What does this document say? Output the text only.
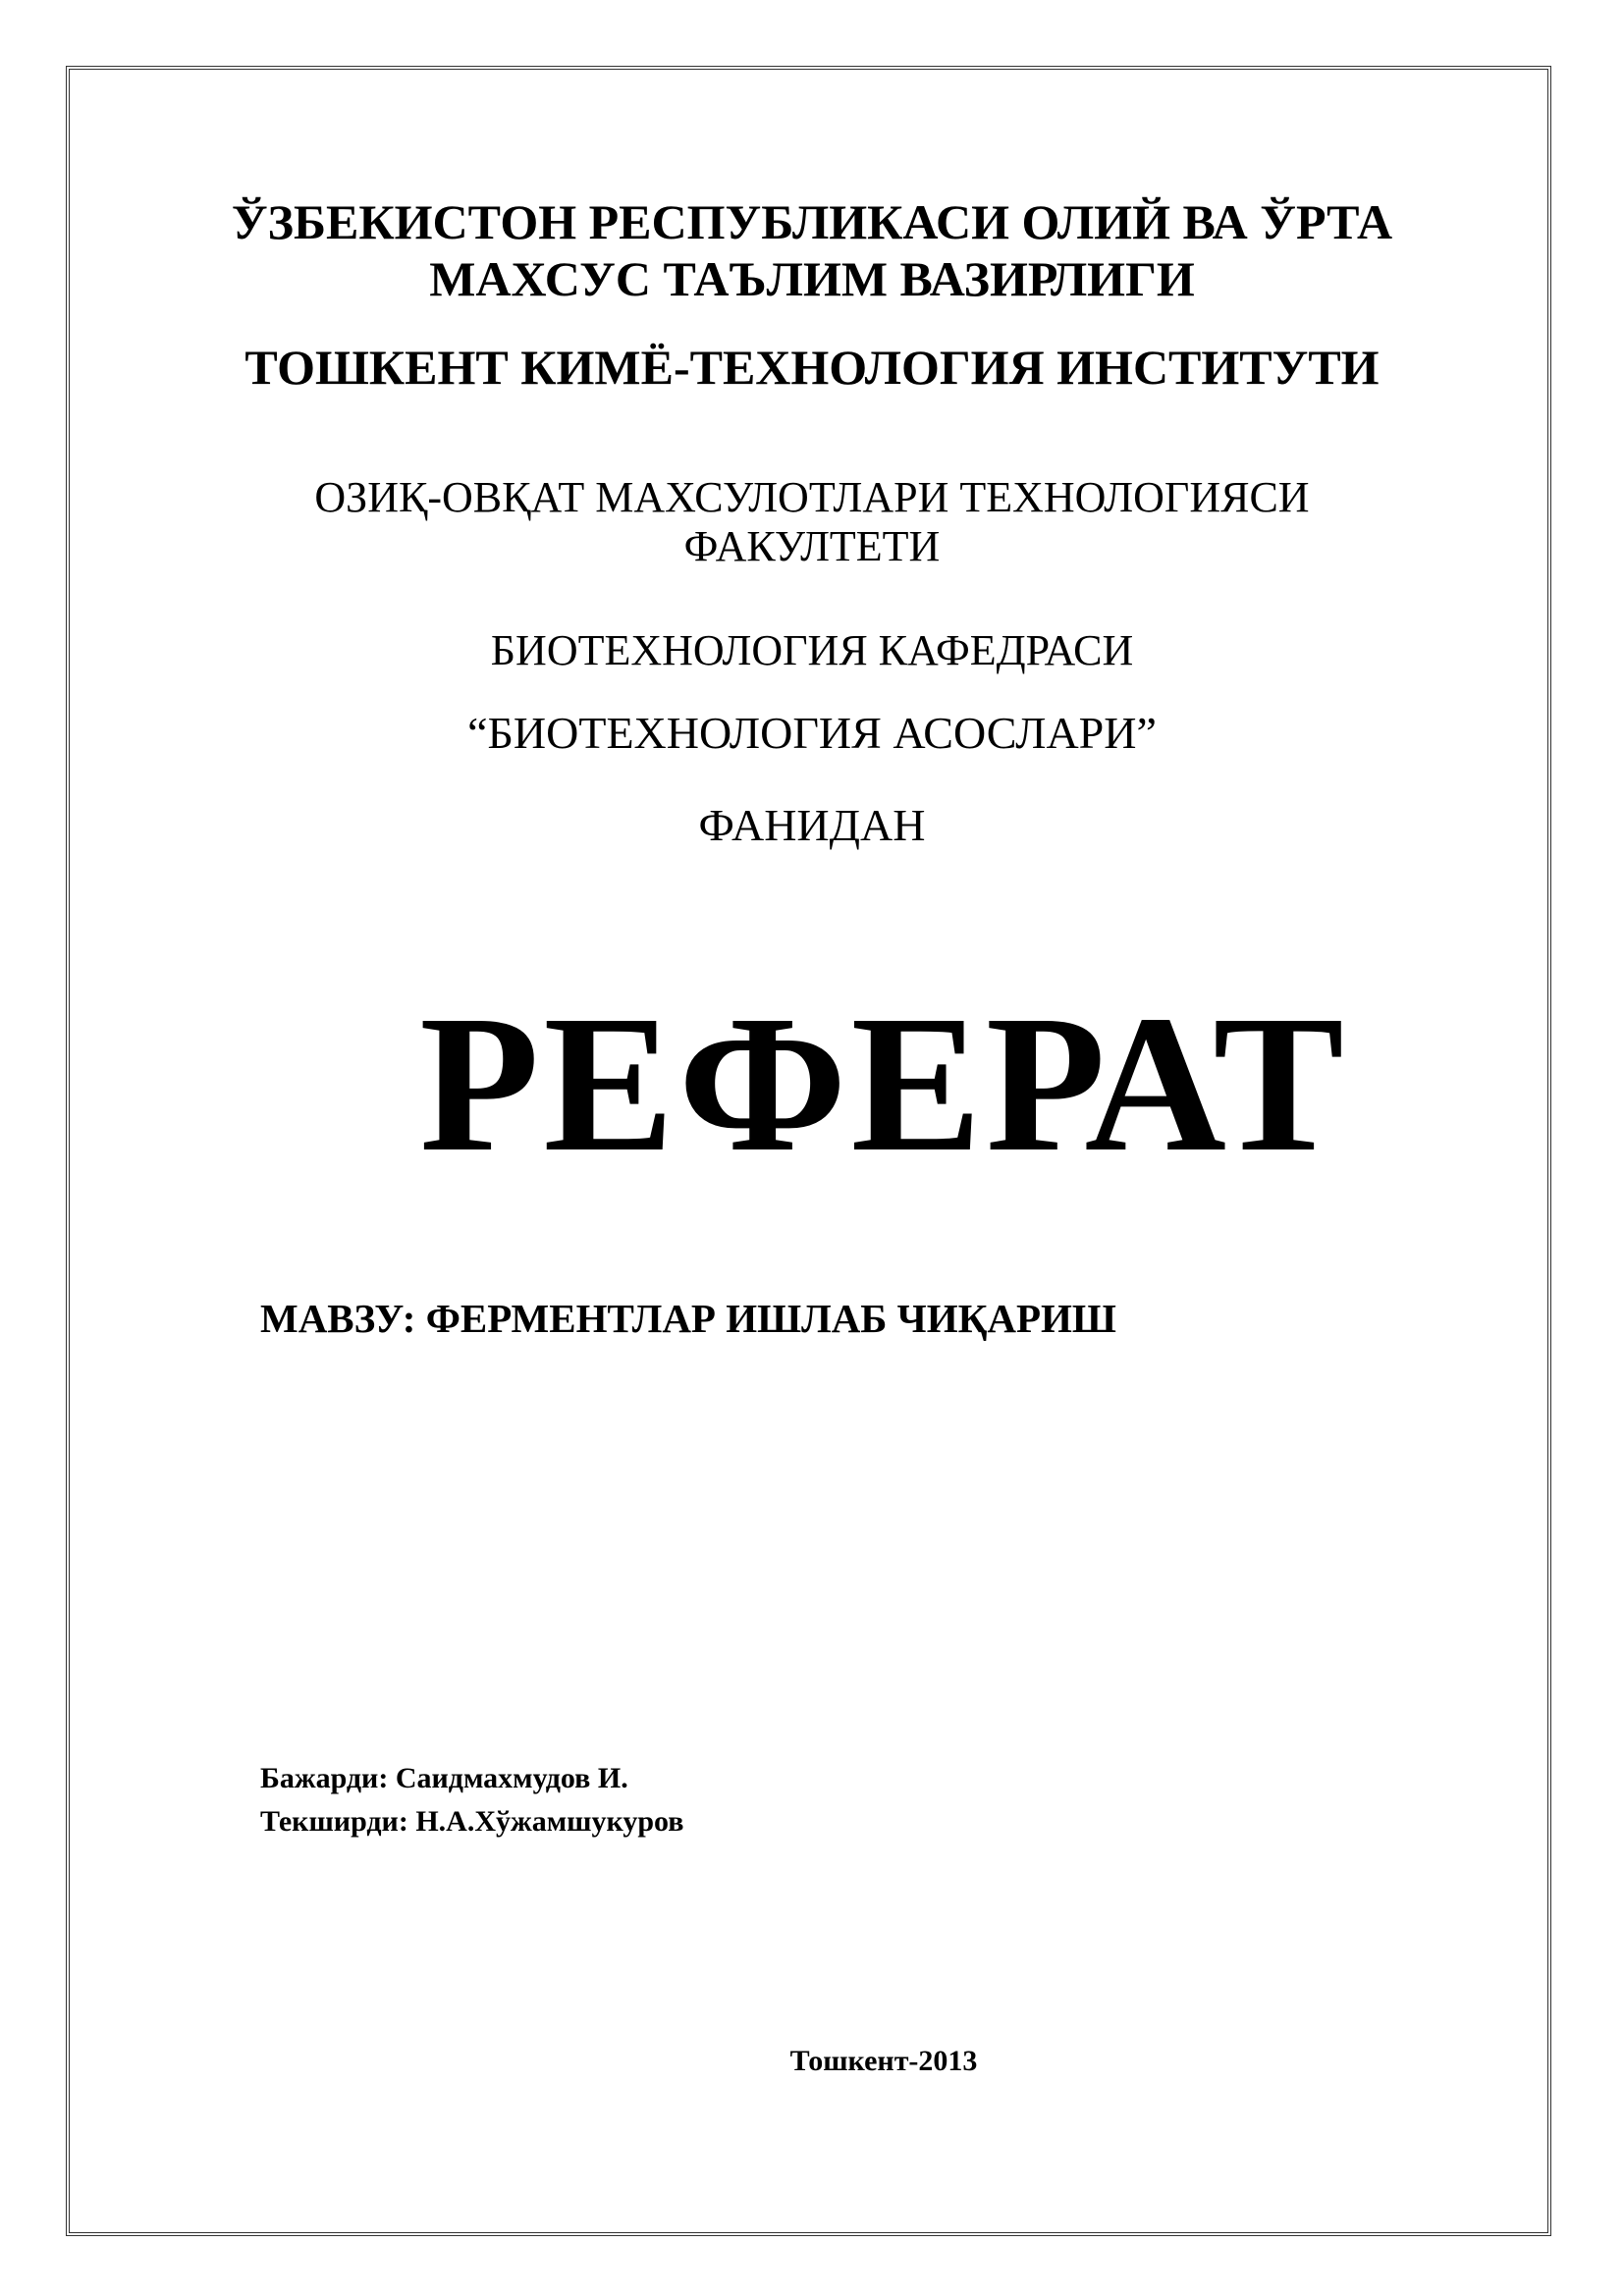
ЎЗБЕКИСТОН РЕСПУБЛИКАСИ ОЛИЙ ВА ЎРТА
МАХСУС ТАЪЛИМ ВАЗИРЛИГИ
ТОШКЕНТ КИМЁ-ТЕХНОЛОГИЯ ИНСТИТУТИ
ОЗИҚ-ОВҚАТ МАХСУЛОТЛАРИ ТЕХНОЛОГИЯСИ
ФАКУЛТЕТИ
БИОТЕХНОЛОГИЯ КАФЕДРАСИ
“БИОТЕХНОЛОГИЯ АСОСЛАРИ”
ФАНИДАН
РЕФЕРАТ
МАВЗУ: ФЕРМЕНТЛАР ИШЛАБ ЧИҚАРИШ
Бажарди: Саидмахмудов И.
Текширди: Н.А.Хўжамшукуров
Тошкент-2013
